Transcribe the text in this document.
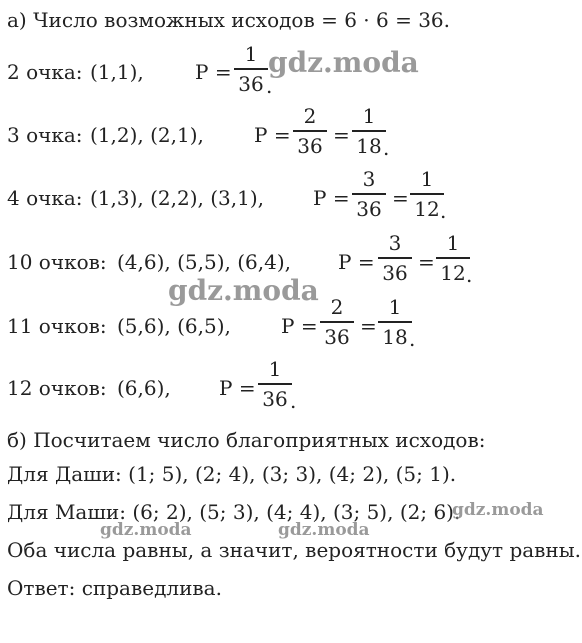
а) Число возможных исходов = 6 · 6 = 36.
2 очка: (1,1),	P =
1
36 .
3 очка: (1,2), (2,1),	P =
2
36 =
1
18 .
4 очка: (1,3), (2,2), (3,1), P =
3
36 =
1
12 .
10 очков: (4,6), (5,5), (6,4), P =
3
36 =
1
12 .
11 очков: (5,6), (6,5),	P =
2
36 =
1
18 .
12 очков: (6,6), P =
1
36 .
б) Посчитаем число благоприятных исходов:
Для Даши: (1; 5), (2; 4), (3; 3), (4; 2), (5; 1).
Для Маши: (6; 2), (5; 3), (4; 4), (3; 5), (2; 6).
Оба числа равны, а значит, вероятности будут равны.
Ответ: справедлива.
gdz.moda
gdz.moda
gdz.moda
gdz.moda	gdz.moda
